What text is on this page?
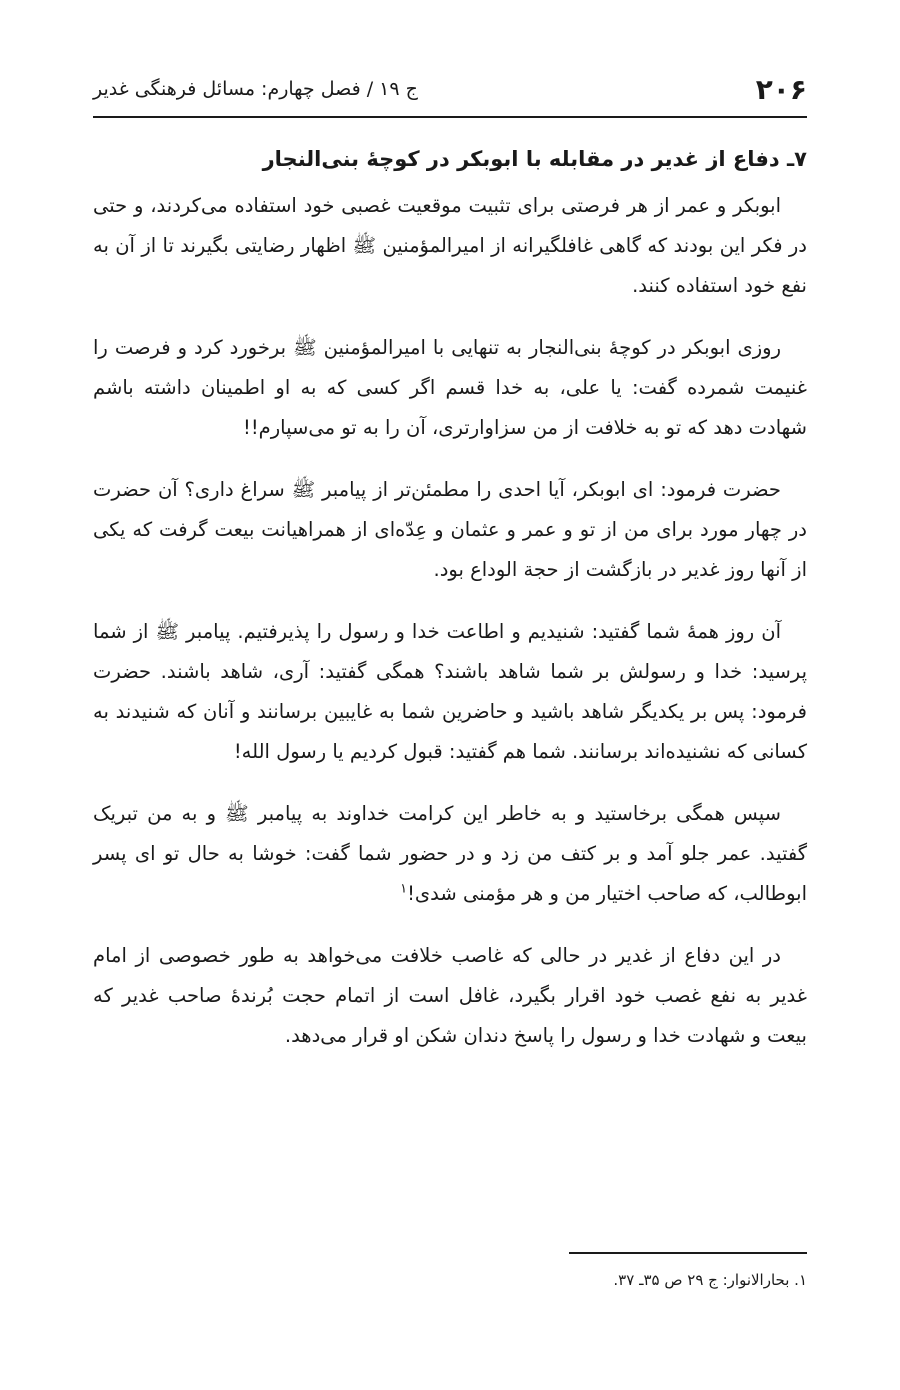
۲۰۶
ج ۱۹ / فصل چهارم: مسائل فرهنگی غدیر
۷ـ دفاع از غدیر در مقابله با ابوبکر در کوچهٔ بنی‌النجار

ابوبکر و عمر از هر فرصتی برای تثبیت موقعیت غصبی خود استفاده می‌کردند، و حتی در فکر این بودند که گاهی غافلگیرانه از امیرالمؤمنین ﷺ اظهار رضایتی بگیرند تا از آن به نفع خود استفاده کنند.

روزی ابوبکر در کوچهٔ بنی‌النجار به تنهایی با امیرالمؤمنین ﷺ برخورد کرد و فرصت را غنیمت شمرده گفت: یا علی، به خدا قسم اگر کسی که به او اطمینان داشته باشم شهادت دهد که تو به خلافت از من سزاوارتری، آن را به تو می‌سپارم!!

حضرت فرمود: ای ابوبکر، آیا احدی را مطمئن‌تر از پیامبر ﷺ سراغ داری؟ آن حضرت در چهار مورد برای من از تو و عمر و عثمان و عِدّه‌ای از همراهیانت بیعت گرفت که یکی از آنها روز غدیر در بازگشت از حجة الوداع بود.

آن روز همهٔ شما گفتید: شنیدیم و اطاعت خدا و رسول را پذیرفتیم. پیامبر ﷺ از شما پرسید: خدا و رسولش بر شما شاهد باشند؟ همگی گفتید: آری، شاهد باشند. حضرت فرمود: پس بر یکدیگر شاهد باشید و حاضرین شما به غایبین برسانند و آنان که شنیدند به کسانی که نشنیده‌اند برسانند. شما هم گفتید: قبول کردیم یا رسول الله!

سپس همگی برخاستید و به خاطر این کرامت خداوند به پیامبر ﷺ و به من تبریک گفتید. عمر جلو آمد و بر کتف من زد و در حضور شما گفت: خوشا به حال تو ای پسر ابوطالب، که صاحب اختیار من و هر مؤمنی شدی!$^۱$

در این دفاع از غدیر در حالی که غاصب خلافت می‌خواهد به طور خصوصی از امام غدیر به نفع غصب خود اقرار بگیرد، غافل است از اتمام حجت بُرندهٔ صاحب غدیر که بیعت و شهادت خدا و رسول را پاسخ دندان شکن او قرار می‌دهد.

۱. بحارالانوار: ج ۲۹ ص ۳۵ـ ۳۷.
